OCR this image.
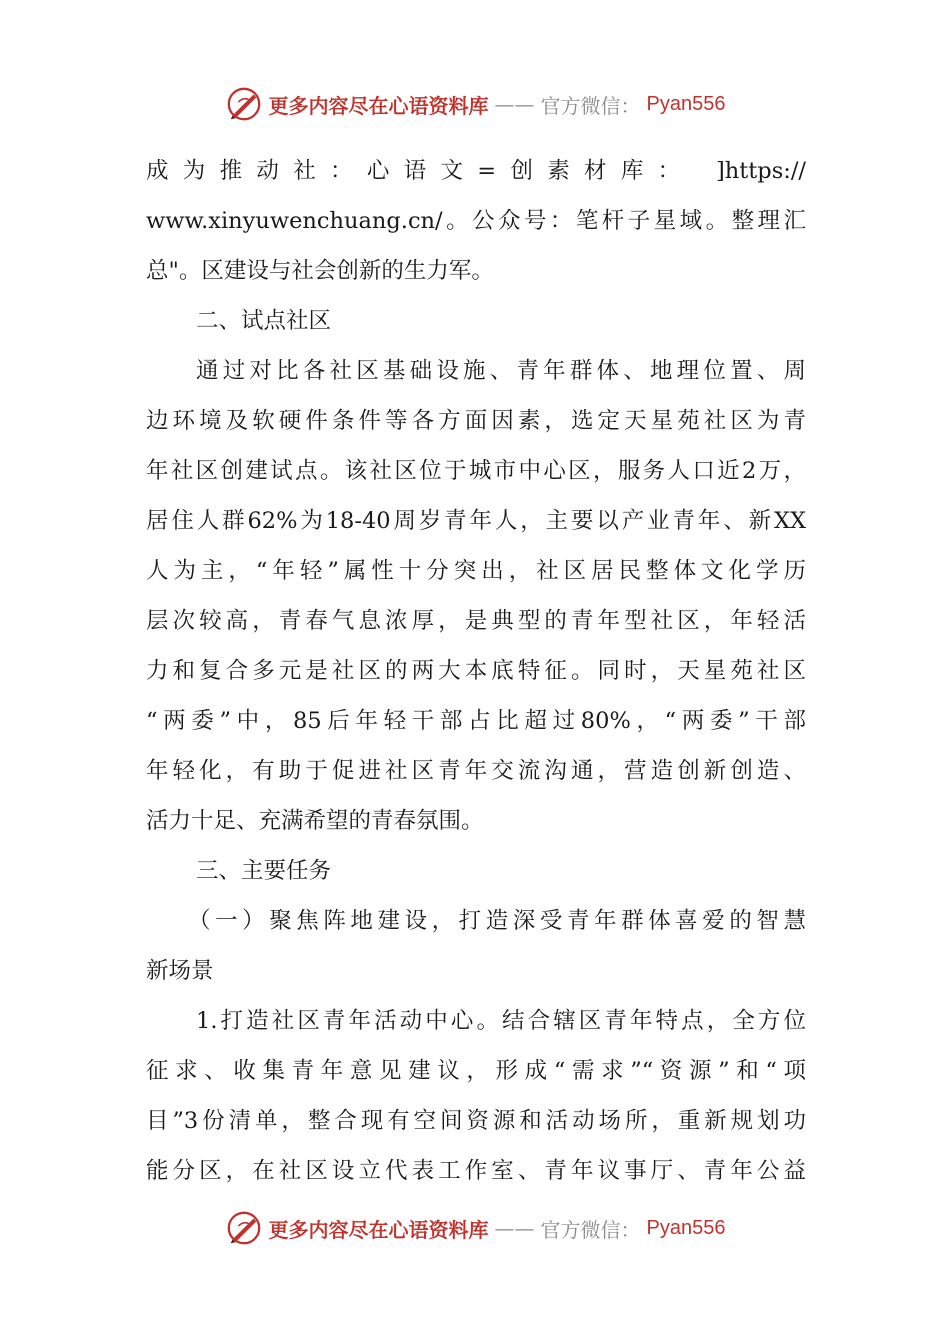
更多内容尽在心语资料库 —— 官方微信： Pyan556
成为推动社：心语文=创素材库： ]https://
www.xinyuwenchuang.cn/。公众号：笔杆子星域。整理汇
总"。区建设与社会创新的生力军。
二、试点社区
通过对比各社区基础设施、青年群体、地理位置、周
边环境及软硬件条件等各方面因素，选定天星苑社区为青
年社区创建试点。该社区位于城市中心区，服务人口近2万，
居住人群62%为18-40周岁青年人，主要以产业青年、新XX
人为主，“年轻”属性十分突出，社区居民整体文化学历
层次较高，青春气息浓厚，是典型的青年型社区，年轻活
力和复合多元是社区的两大本底特征。同时，天星苑社区
“两委”中，85后年轻干部占比超过80%，“两委”干部
年轻化，有助于促进社区青年交流沟通，营造创新创造、
活力十足、充满希望的青春氛围。
三、主要任务
（一）聚焦阵地建设，打造深受青年群体喜爱的智慧
新场景
1.打造社区青年活动中心。结合辖区青年特点，全方位
征求、收集青年意见建议，形成“需求”“资源”和“项
目”3份清单，整合现有空间资源和活动场所，重新规划功
能分区，在社区设立代表工作室、青年议事厅、青年公益
更多内容尽在心语资料库 —— 官方微信： Pyan556
